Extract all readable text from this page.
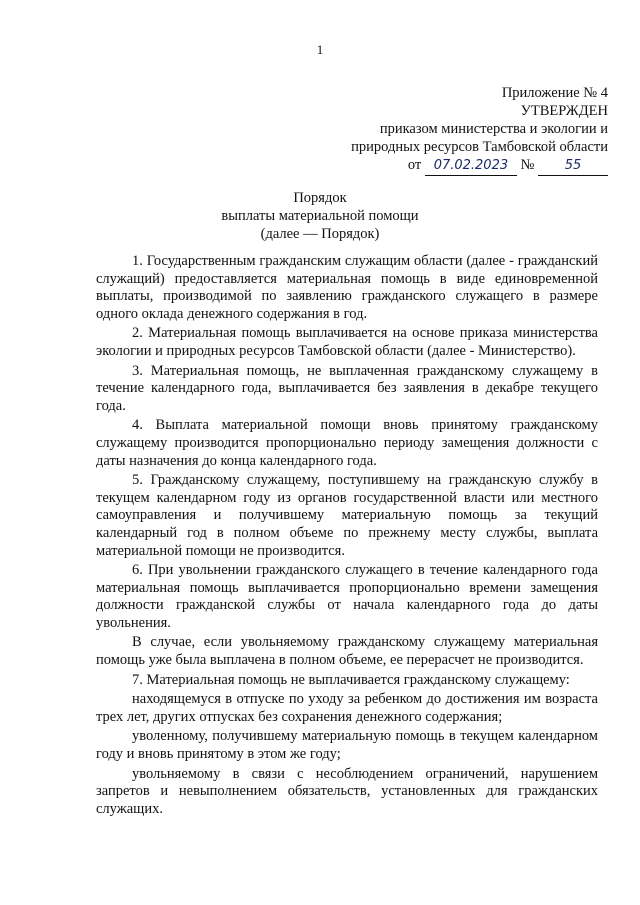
1
Приложение № 4
УТВЕРЖДЕН
приказом министерства и экологии и
природных ресурсов Тамбовской области
от 07.02.2023 № 55
Порядок
выплаты материальной помощи
(далее — Порядок)

1. Государственным гражданским служащим области (далее - гражданский служащий) предоставляется материальная помощь в виде единовременной выплаты, производимой по заявлению гражданского служащего в размере одного оклада денежного содержания в год.

2. Материальная помощь выплачивается на основе приказа министерства экологии и природных ресурсов Тамбовской области (далее - Министерство).

3. Материальная помощь, не выплаченная гражданскому служащему в течение календарного года, выплачивается без заявления в декабре текущего года.

4. Выплата материальной помощи вновь принятому гражданскому служащему производится пропорционально периоду замещения должности с даты назначения до конца календарного года.

5. Гражданскому служащему, поступившему на гражданскую службу в текущем календарном году из органов государственной власти или местного самоуправления и получившему материальную помощь за текущий календарный год в полном объеме по прежнему месту службы, выплата материальной помощи не производится.

6. При увольнении гражданского служащего в течение календарного года материальная помощь выплачивается пропорционально времени замещения должности гражданской службы от начала календарного года до даты увольнения.

В случае, если увольняемому гражданскому служащему материальная помощь уже была выплачена в полном объеме, ее перерасчет не производится.

7. Материальная помощь не выплачивается гражданскому служащему:

находящемуся в отпуске по уходу за ребенком до достижения им возраста трех лет, других отпусках без сохранения денежного содержания;

уволенному, получившему материальную помощь в текущем календарном году и вновь принятому в этом же году;

увольняемому в связи с несоблюдением ограничений, нарушением запретов и невыполнением обязательств, установленных для гражданских служащих.
